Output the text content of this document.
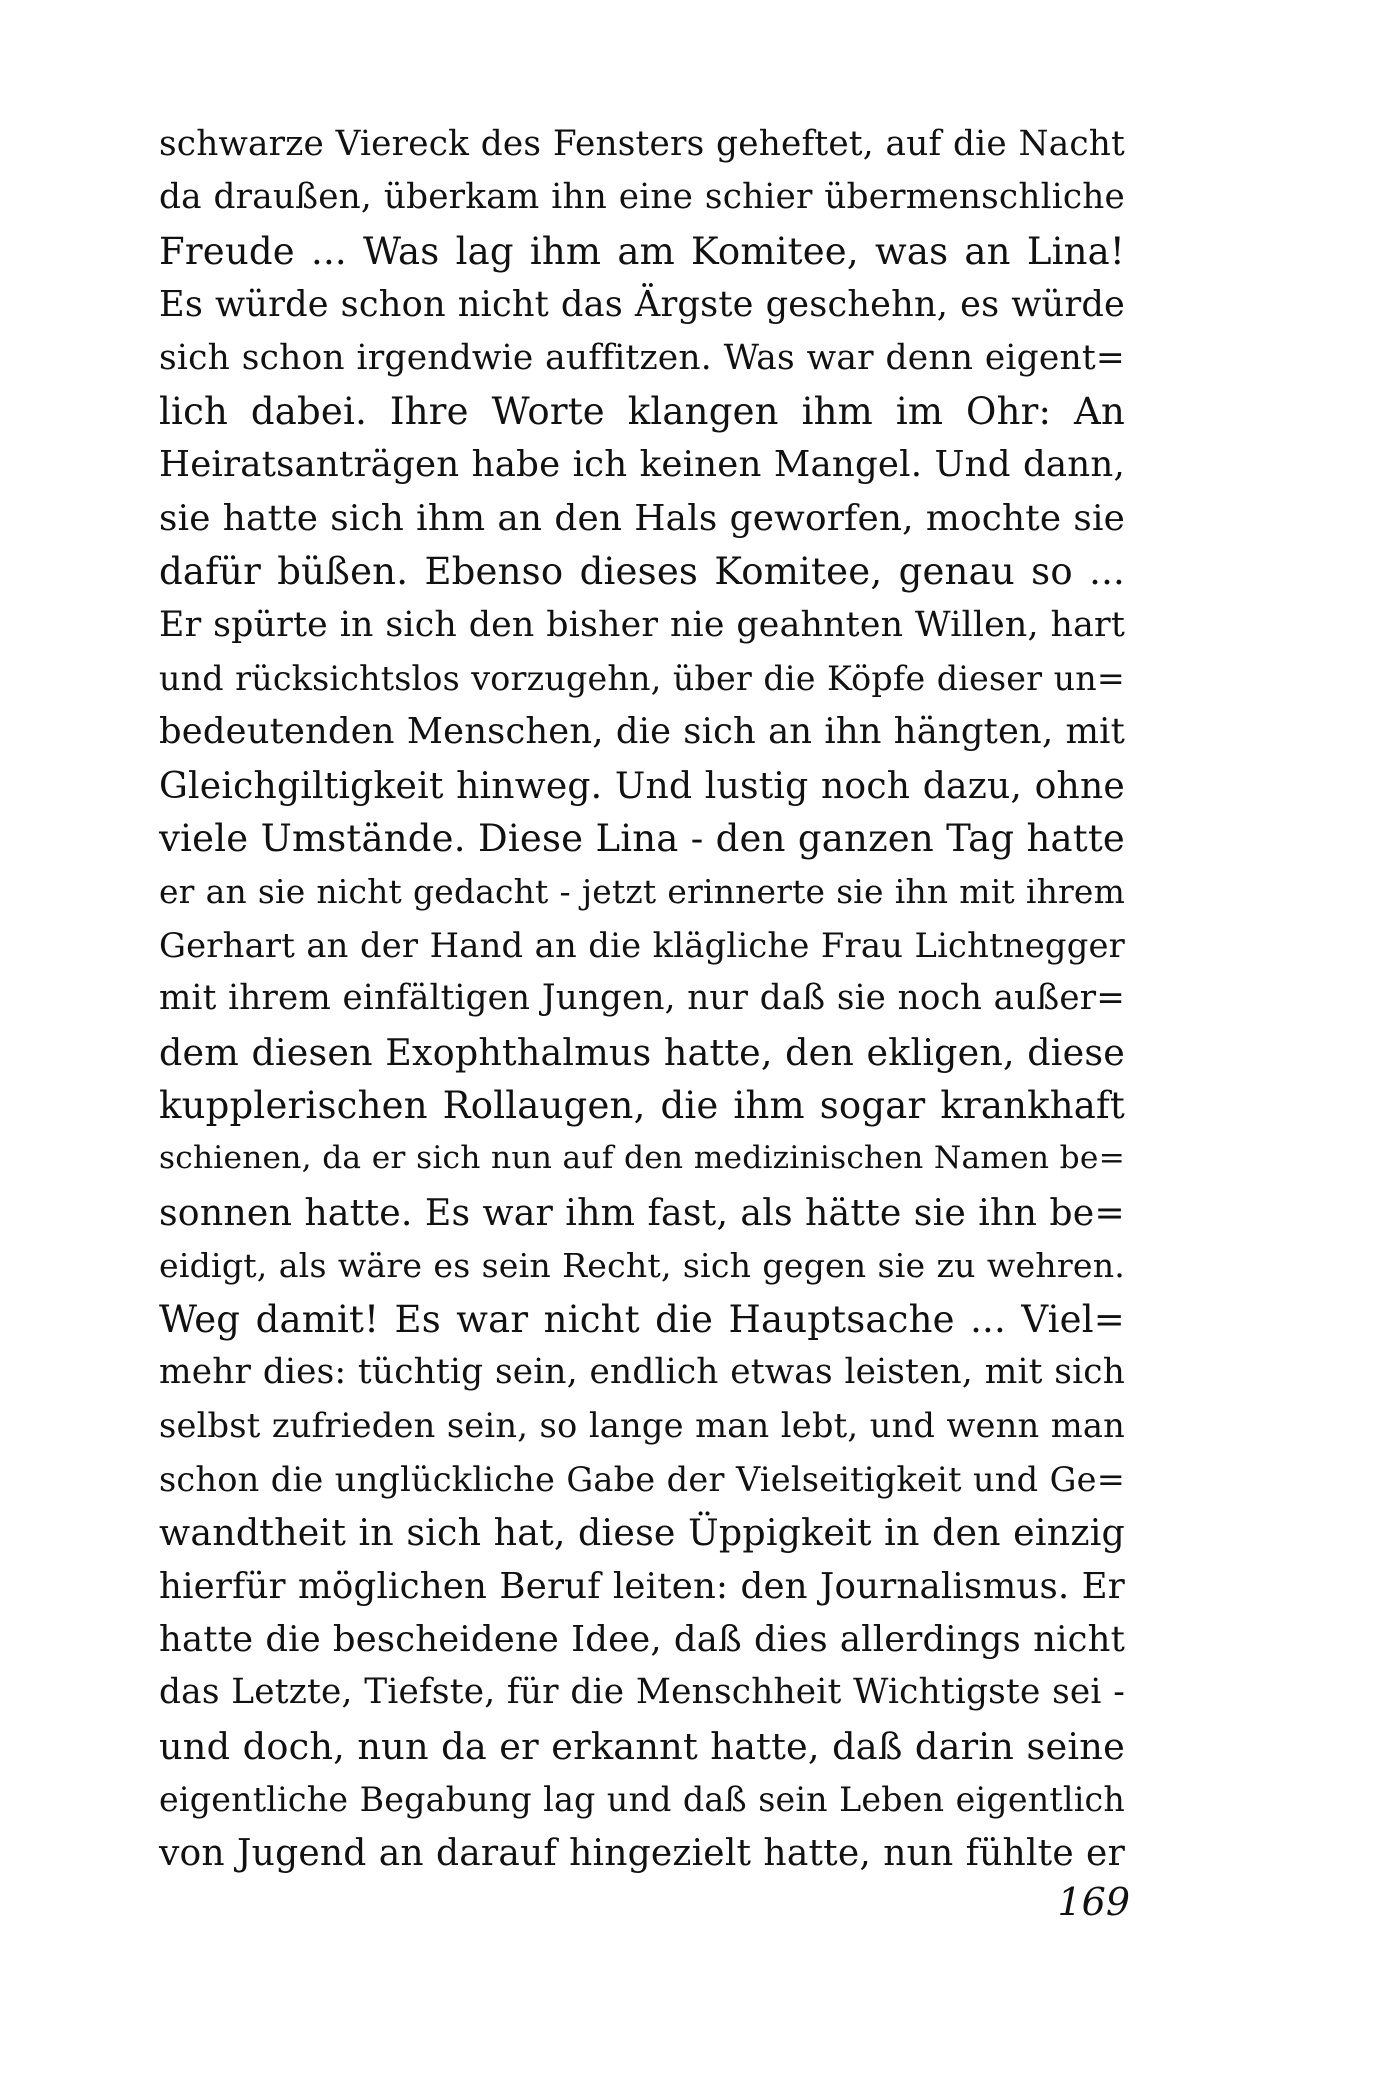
schwarze Viereck des Fensters geheftet, auf die Nacht
da draußen, überkam ihn eine schier übermenschliche
Freude ... Was lag ihm am Komitee, was an Lina!
Es würde schon nicht das Ärgste geschehn, es würde
sich schon irgendwie auffitzen. Was war denn eigent=
lich dabei. Ihre Worte klangen ihm im Ohr: An
Heiratsanträgen habe ich keinen Mangel. Und dann,
sie hatte sich ihm an den Hals geworfen, mochte sie
dafür büßen. Ebenso dieses Komitee, genau so ...
Er spürte in sich den bisher nie geahnten Willen, hart
und rücksichtslos vorzugehn, über die Köpfe dieser un=
bedeutenden Menschen, die sich an ihn hängten, mit
Gleichgiltigkeit hinweg. Und lustig noch dazu, ohne
viele Umstände. Diese Lina - den ganzen Tag hatte
er an sie nicht gedacht - jetzt erinnerte sie ihn mit ihrem
Gerhart an der Hand an die klägliche Frau Lichtnegger
mit ihrem einfältigen Jungen, nur daß sie noch außer=
dem diesen Exophthalmus hatte, den ekligen, diese
kupplerischen Rollaugen, die ihm sogar krankhaft
schienen, da er sich nun auf den medizinischen Namen be=
sonnen hatte. Es war ihm fast, als hätte sie ihn be=
eidigt, als wäre es sein Recht, sich gegen sie zu wehren.
Weg damit! Es war nicht die Hauptsache ... Viel=
mehr dies: tüchtig sein, endlich etwas leisten, mit sich
selbst zufrieden sein, so lange man lebt, und wenn man
schon die unglückliche Gabe der Vielseitigkeit und Ge=
wandtheit in sich hat, diese Üppigkeit in den einzig
hierfür möglichen Beruf leiten: den Journalismus. Er
hatte die bescheidene Idee, daß dies allerdings nicht
das Letzte, Tiefste, für die Menschheit Wichtigste sei -
und doch, nun da er erkannt hatte, daß darin seine
eigentliche Begabung lag und daß sein Leben eigentlich
von Jugend an darauf hingezielt hatte, nun fühlte er
169
